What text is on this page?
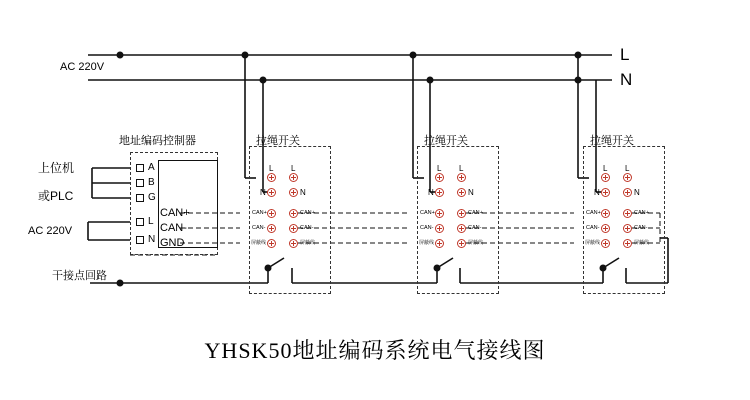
L
N
AC 220V
地址编码控制器
A
B
G
L
N
CAN+
CAN-
GND
上位机
或PLC
AC 220V
干接点回路
拉绳开关
L L
N	N
CAN+	CAN+
CAN-	CAN-
屏蔽线	屏蔽线
拉绳开关
L L
N	N
CAN+	CAN+
CAN-	CAN-
屏蔽线	屏蔽线
拉绳开关
L L
N	N
CAN+	CAN+
CAN-	CAN-
屏蔽线	屏蔽线
YHSK50地址编码系统电气接线图
